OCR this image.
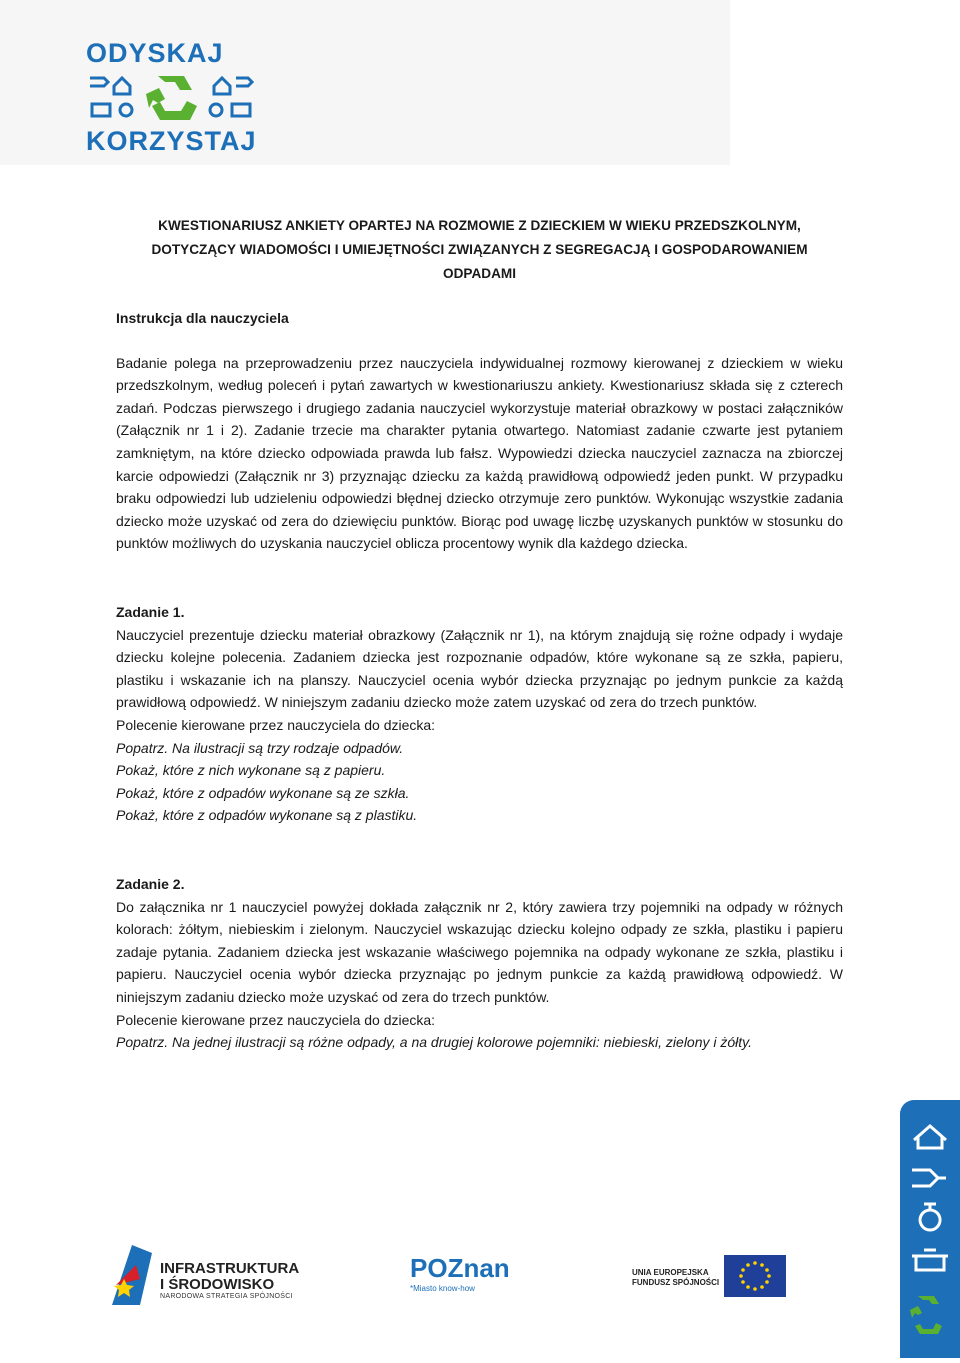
ODYSKAJ
KORZYSTAJ
KWESTIONARIUSZ ANKIETY OPARTEJ NA ROZMOWIE Z DZIECKIEM W WIEKU PRZEDSZKOLNYM,
DOTYCZĄCY WIADOMOŚCI I UMIEJĘTNOŚCI ZWIĄZANYCH Z SEGREGACJĄ I GOSPODAROWANIEM
ODPADAMI

Instrukcja dla nauczyciela

Badanie polega na przeprowadzeniu przez nauczyciela indywidualnej rozmowy kierowanej z dzieckiem w wieku przedszkolnym, według poleceń i pytań zawartych w kwestionariuszu ankiety. Kwestionariusz składa się z czterech zadań. Podczas pierwszego i drugiego zadania nauczyciel wykorzystuje materiał obrazkowy w postaci załączników (Załącznik nr 1 i 2). Zadanie trzecie ma charakter pytania otwartego. Natomiast zadanie czwarte jest pytaniem zamkniętym, na które dziecko odpowiada prawda lub fałsz. Wypowiedzi dziecka nauczyciel zaznacza na zbiorczej karcie odpowiedzi (Załącznik nr 3) przyznając dziecku za każdą prawidłową odpowiedź jeden punkt. W przypadku braku odpowiedzi lub udzieleniu odpowiedzi błędnej dziecko otrzymuje zero punktów. Wykonując wszystkie zadania dziecko może uzyskać od zera do dziewięciu punktów. Biorąc pod uwagę liczbę uzyskanych punktów w stosunku do punktów możliwych do uzyskania nauczyciel oblicza procentowy wynik dla każdego dziecka.

Zadanie 1.

Nauczyciel prezentuje dziecku materiał obrazkowy (Załącznik nr 1), na którym znajdują się rożne odpady i wydaje dziecku kolejne polecenia. Zadaniem dziecka jest rozpoznanie odpadów, które wykonane są ze szkła, papieru, plastiku i wskazanie ich na planszy. Nauczyciel ocenia wybór dziecka przyznając po jednym punkcie za każdą prawidłową odpowiedź. W niniejszym zadaniu dziecko może zatem uzyskać od zera do trzech punktów.

Polecenie kierowane przez nauczyciela do dziecka:

Popatrz. Na ilustracji są trzy rodzaje odpadów.

Pokaż, które z nich wykonane są z papieru.

Pokaż, które z odpadów wykonane są ze szkła.

Pokaż, które z odpadów wykonane są z plastiku.

Zadanie 2.

Do załącznika nr 1 nauczyciel powyżej dokłada załącznik nr 2, który zawiera trzy pojemniki na odpady w różnych kolorach: żółtym, niebieskim i zielonym. Nauczyciel wskazując dziecku kolejno odpady ze szkła, plastiku i papieru zadaje pytania. Zadaniem dziecka jest wskazanie właściwego pojemnika na odpady wykonane ze szkła, plastiku i papieru. Nauczyciel ocenia wybór dziecka przyznając po jednym punkcie za każdą prawidłową odpowiedź. W niniejszym zadaniu dziecko może uzyskać od zera do trzech punktów.

Polecenie kierowane przez nauczyciela do dziecka:

Popatrz. Na jednej ilustracji są różne odpady, a na drugiej kolorowe pojemniki: niebieski, zielony i żółty.

INFRASTRUKTURA
I ŚRODOWISKO
NARODOWA STRATEGIA SPÓJNOŚCI
POZnan
*Miasto know-how
UNIA EUROPEJSKA
FUNDUSZ SPÓJNOŚCI
